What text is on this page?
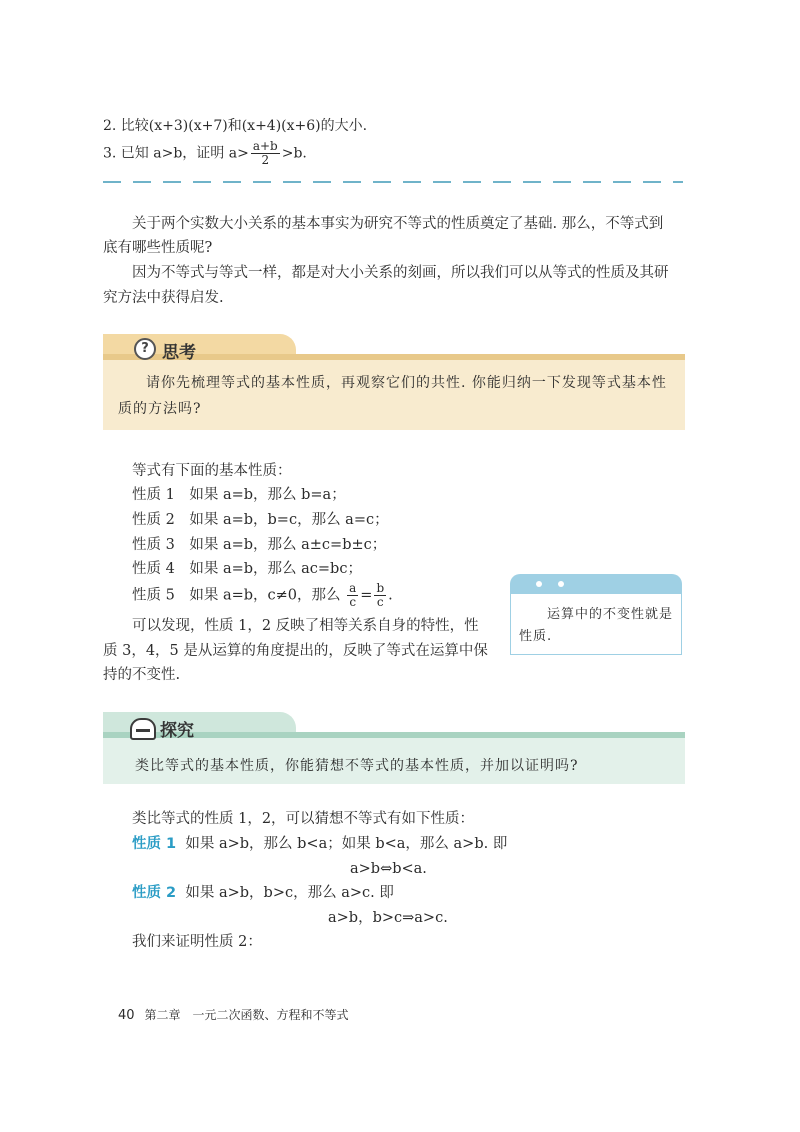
2. 比较(x+3)(x+7)和(x+4)(x+6)的大小.
3. 已知 a>b，证明 $a> \frac{a+b}{2} >b$.
关于两个实数大小关系的基本事实为研究不等式的性质奠定了基础. 那么，不等式到
底有哪些性质呢?
因为不等式与等式一样，都是对大小关系的刻画，所以我们可以从等式的性质及其研
究方法中获得启发.
? 思考
请你先梳理等式的基本性质，再观察它们的共性. 你能归纳一下发现等式基本性质的方法吗?
等式有下面的基本性质：
性质 1　如果 a=b，那么 b=a；
性质 2　如果 a=b，b=c，那么 a=c；
性质 3　如果 a=b，那么 a±c=b±c；
性质 4　如果 a=b，那么 ac=bc；
性质 5　如果 a=b，c≠0，那么 $\frac{a}{c} = \frac{b}{c}$ .
可以发现，性质 1，2 反映了相等关系自身的特性，性
质 3，4，5 是从运算的角度提出的，反映了等式在运算中保
持的不变性.
运算中的不变性就是性质.
探究
类比等式的基本性质，你能猜想不等式的基本性质，并加以证明吗?
类比等式的性质 1，2，可以猜想不等式有如下性质：
性质 1 如果 a>b，那么 b<a；如果 b<a，那么 a>b. 即
a>b⇔b<a.
性质 2 如果 a>b，b>c，那么 a>c. 即
a>b，b>c⇒a>c.
我们来证明性质 2：
40 第二章　一元二次函数、方程和不等式
